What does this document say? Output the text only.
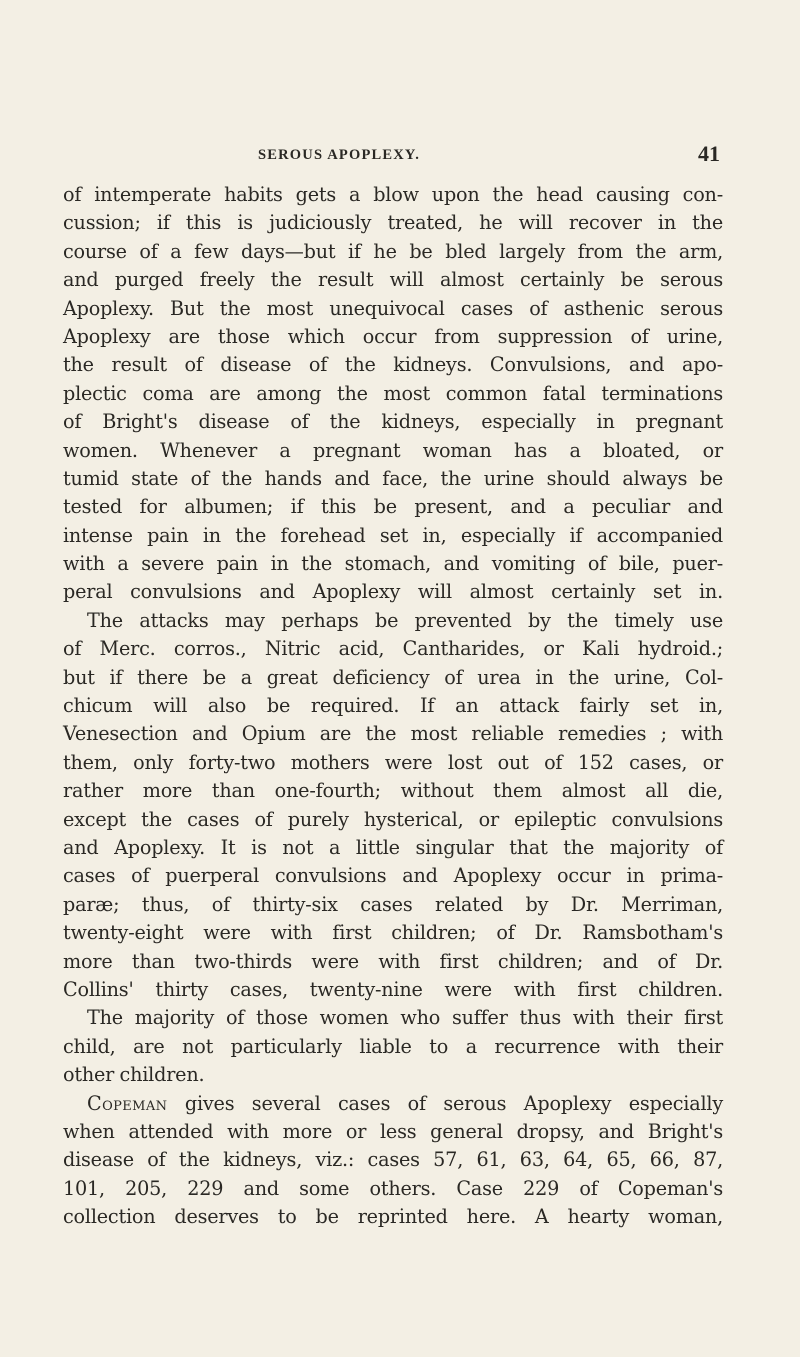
SEROUS APOPLEXY.	41
of intemperate habits gets a blow upon the head causing con-
cussion; if this is judiciously treated, he will recover in the
course of a few days—but if he be bled largely from the arm,
and purged freely the result will almost certainly be serous
Apoplexy. But the most unequivocal cases of asthenic serous
Apoplexy are those which occur from suppression of urine,
the result of disease of the kidneys. Convulsions, and apo-
plectic coma are among the most common fatal terminations
of Bright's disease of the kidneys, especially in pregnant
women. Whenever a pregnant woman has a bloated, or
tumid state of the hands and face, the urine should always be
tested for albumen; if this be present, and a peculiar and
intense pain in the forehead set in, especially if accompanied
with a severe pain in the stomach, and vomiting of bile, puer-
peral convulsions and Apoplexy will almost certainly set in.
The attacks may perhaps be prevented by the timely use
of Merc. corros., Nitric acid, Cantharides, or Kali hydroid.;
but if there be a great deficiency of urea in the urine, Col-
chicum will also be required. If an attack fairly set in,
Venesection and Opium are the most reliable remedies ; with
them, only forty-two mothers were lost out of 152 cases, or
rather more than one-fourth; without them almost all die,
except the cases of purely hysterical, or epileptic convulsions
and Apoplexy. It is not a little singular that the majority of
cases of puerperal convulsions and Apoplexy occur in prima-
paræ; thus, of thirty-six cases related by Dr. Merriman,
twenty-eight were with first children; of Dr. Ramsbotham's
more than two-thirds were with first children; and of Dr.
Collins' thirty cases, twenty-nine were with first children.
The majority of those women who suffer thus with their first
child, are not particularly liable to a recurrence with their
other children.
Copeman gives several cases of serous Apoplexy especially
when attended with more or less general dropsy, and Bright's
disease of the kidneys, viz.: cases 57, 61, 63, 64, 65, 66, 87,
101, 205, 229 and some others. Case 229 of Copeman's
collection deserves to be reprinted here. A hearty woman,
